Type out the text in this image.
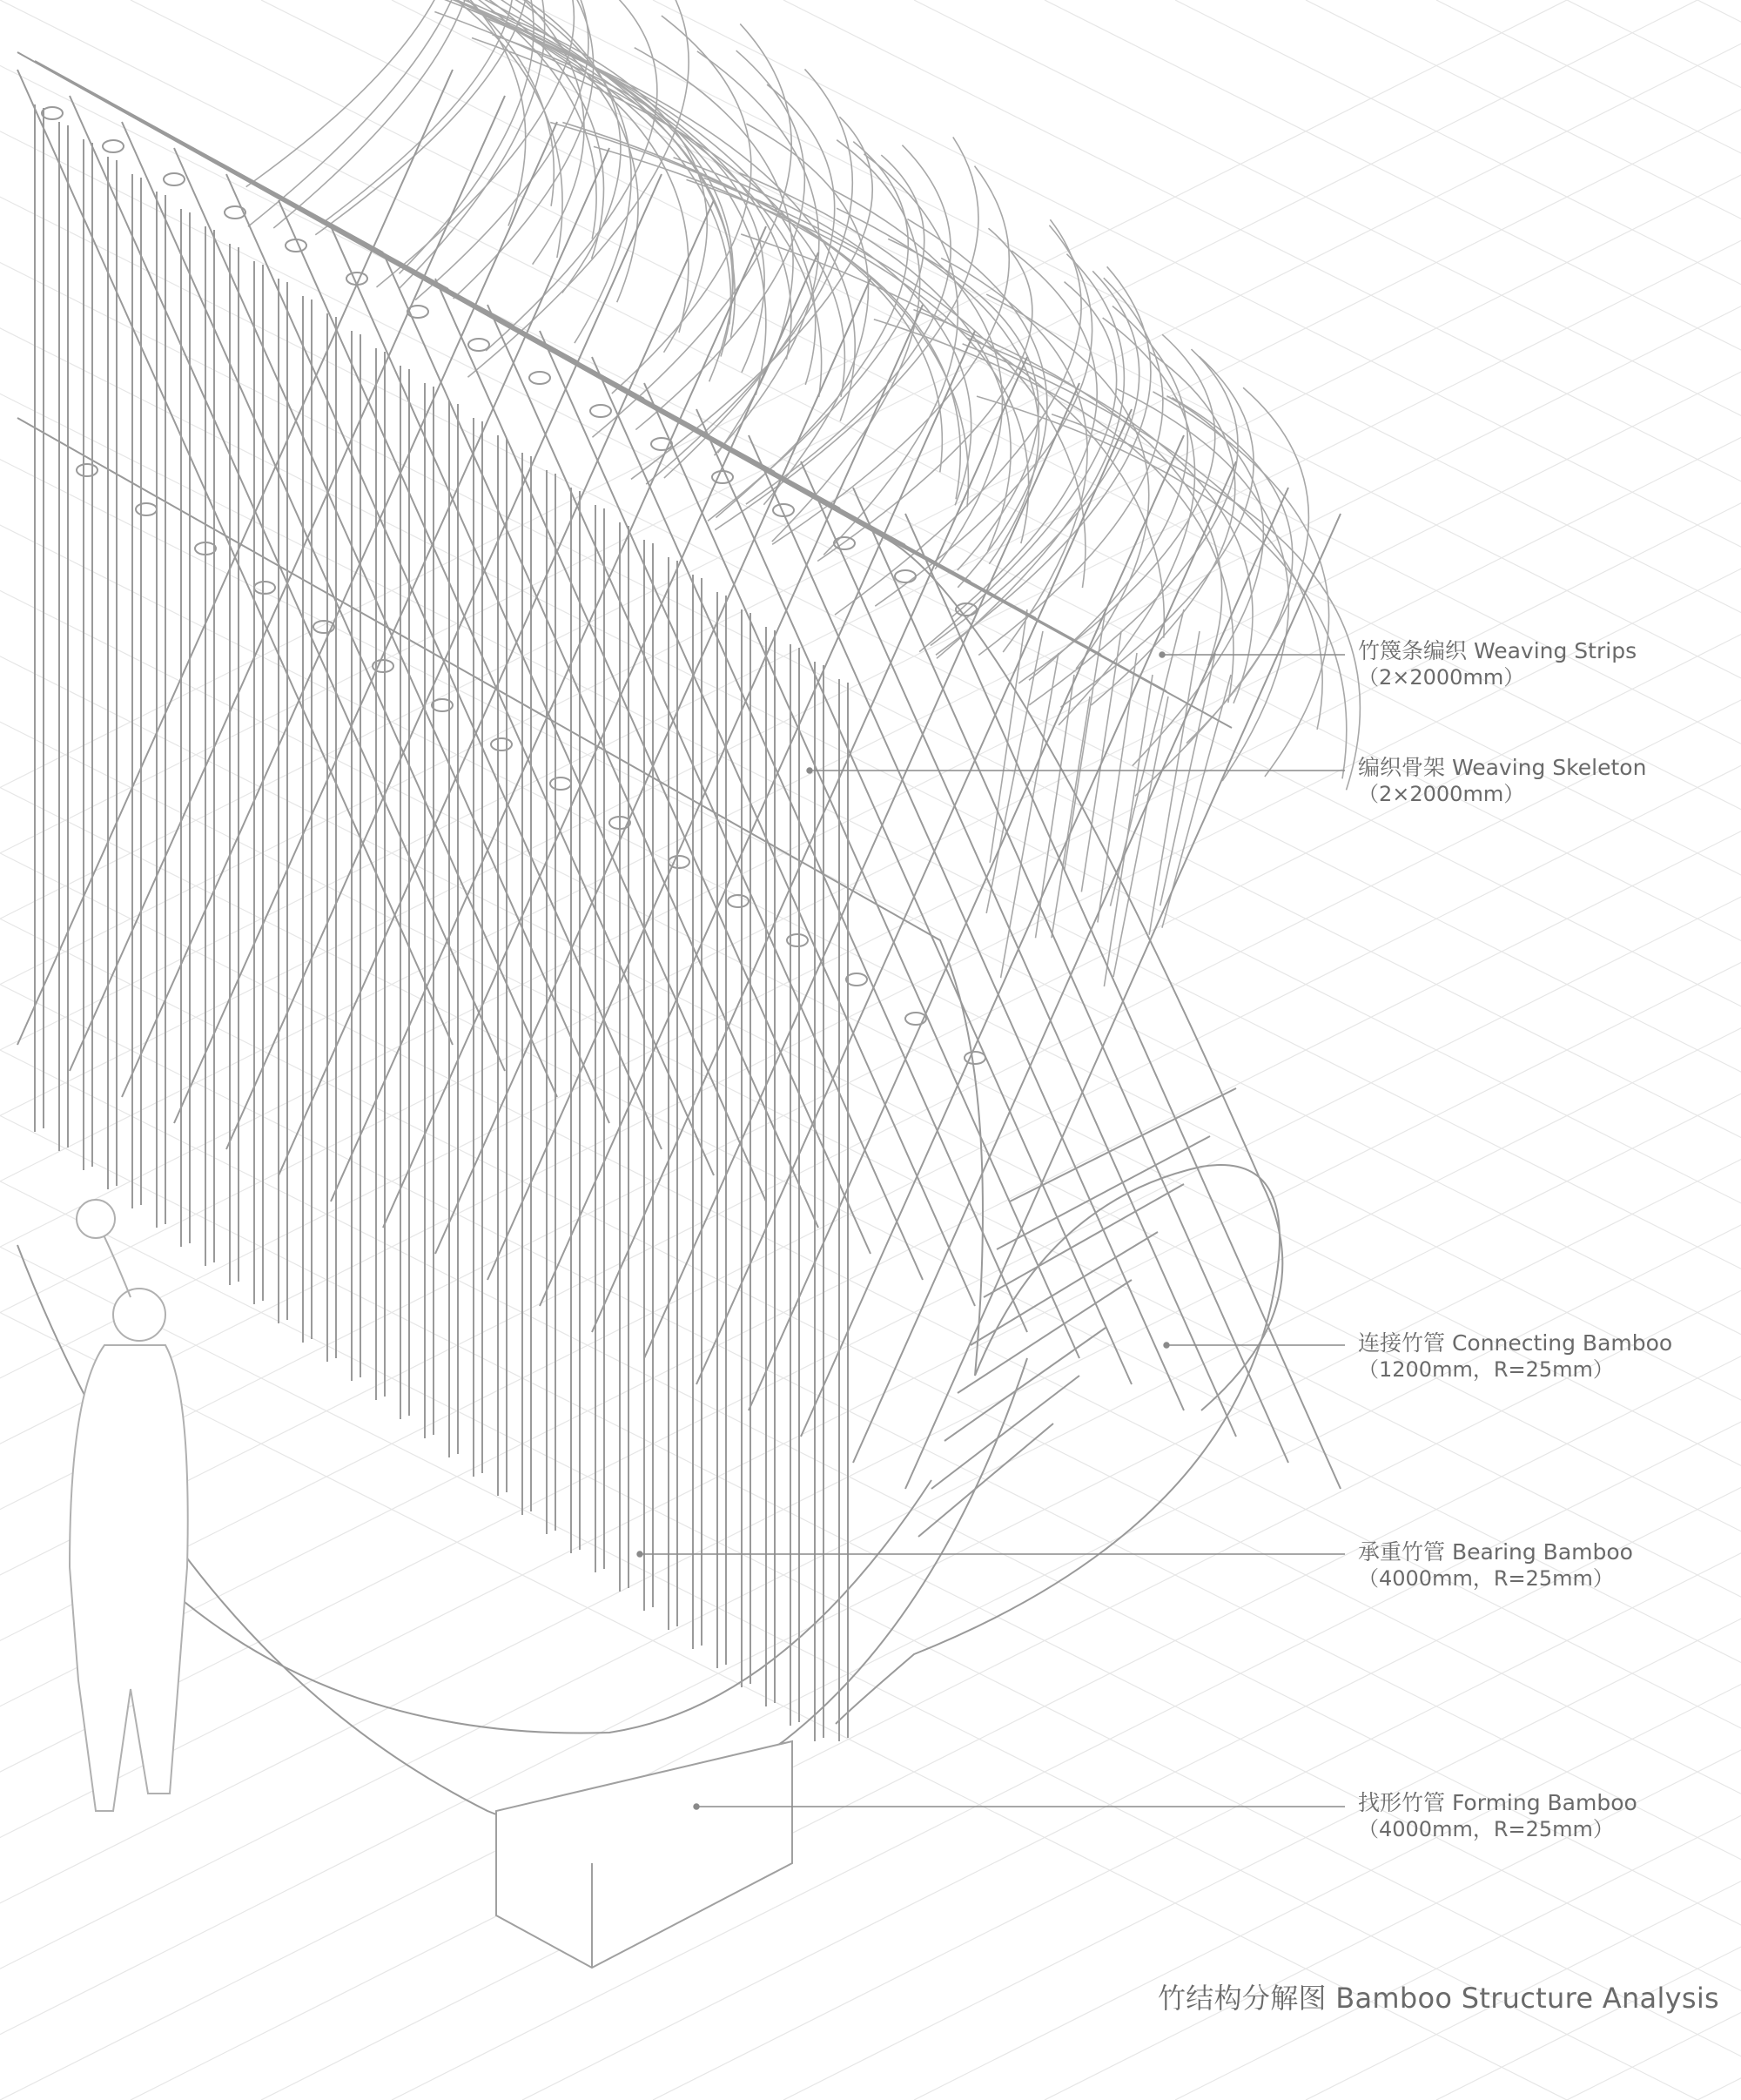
竹篾条编织 Weaving Strips
（2×2000mm）
编织骨架 Weaving Skeleton
（2×2000mm）
连接竹管 Connecting Bamboo
（1200mm，R=25mm）
承重竹管 Bearing Bamboo
（4000mm，R=25mm）
找形竹管 Forming Bamboo
（4000mm，R=25mm）
竹结构分解图 Bamboo Structure Analysis
